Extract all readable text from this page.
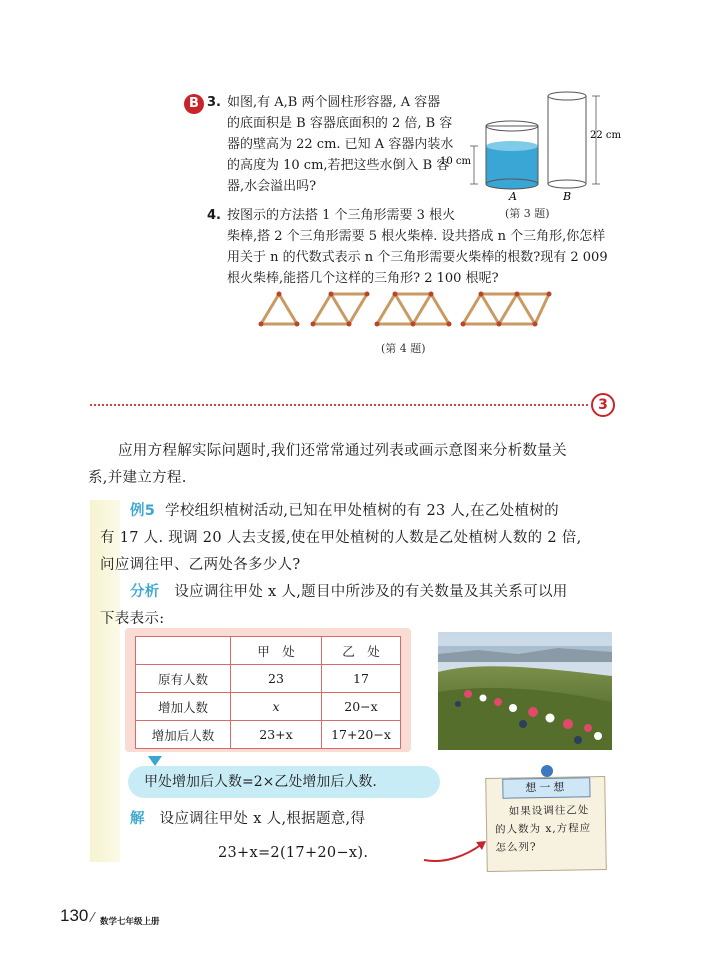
B 3. 如图,有 A,B 两个圆柱形容器, A 容器
的底面积是 B 容器底面积的 2 倍, B 容
器的壁高为 22 cm. 已知 A 容器内装水
的高度为 10 cm,若把这些水倒入 B 容
器,水会溢出吗?
10 cm
22 cm
A	B
(第 3 题)
4. 按图示的方法搭 1 个三角形需要 3 根火
柴棒,搭 2 个三角形需要 5 根火柴棒. 设共搭成 n 个三角形,你怎样
用关于 n 的代数式表示 n 个三角形需要火柴棒的根数?现有 2 009
根火柴棒,能搭几个这样的三角形? 2 100 根呢?
(第 4 题)
3
应用方程解实际问题时,我们还常常通过列表或画示意图来分析数量关
系,并建立方程.
例5 学校组织植树活动,已知在甲处植树的有 23 人,在乙处植树的
有 17 人. 现调 20 人去支援,使在甲处植树的人数是乙处植树人数的 2 倍,
问应调往甲、乙两处各多少人?
分析 设应调往甲处 x 人,题目中所涉及的有关数量及其关系可以用
下表表示:
	甲　处	乙　处
原有人数	23	17
增加人数	x	20−x
增加后人数	23+x	17+20−x
甲处增加后人数=2×乙处增加后人数.
解 设应调往甲处 x 人,根据题意,得
23+x=2(17+20−x).
想一想
如果设调往乙处
的人数为 x,方程应
怎么列?
130 数学七年级上册
